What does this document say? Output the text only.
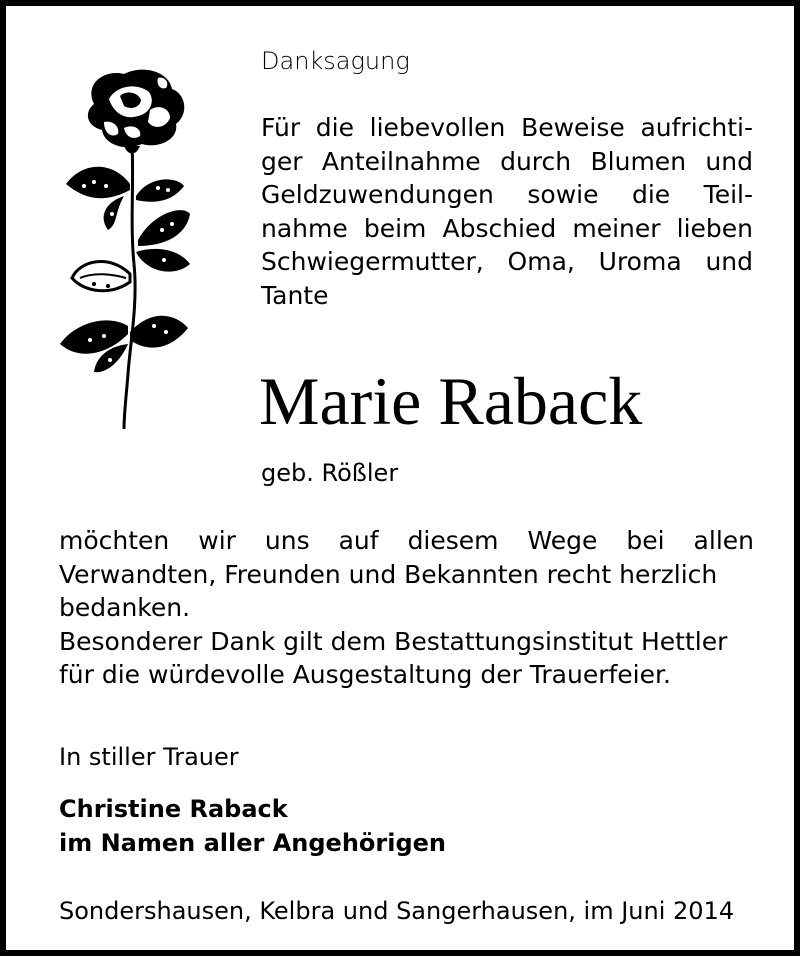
Danksagung
Für die liebevollen Beweise aufrichti-
ger Anteilnahme durch Blumen und
Geldzuwendungen sowie die Teil-
nahme beim Abschied meiner lieben
Schwiegermutter, Oma, Uroma und
Tante
Marie Raback
geb. Rößler
möchten wir uns auf diesem Wege bei allen
Verwandten, Freunden und Bekannten recht herzlich
bedanken.
Besonderer Dank gilt dem Bestattungsinstitut Hettler
für die würdevolle Ausgestaltung der Trauerfeier.
In stiller Trauer
Christine Raback
im Namen aller Angehörigen
Sondershausen, Kelbra und Sangerhausen, im Juni 2014
